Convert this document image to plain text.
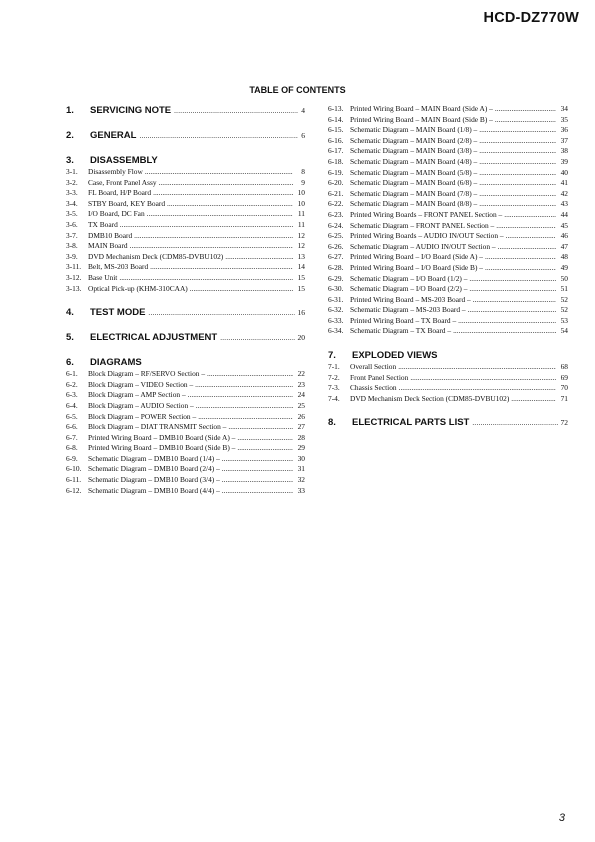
HCD-DZ770W
TABLE OF CONTENTS
1.	SERVICING NOTE .....	4
2.	GENERAL .....	6
3.	DISASSEMBLY
3-1.	Disassembly Flow .....	8
3-2.	Case, Front Panel Assy .....	9
3-3.	FL Board, H/P Board .....	10
3-4.	STBY Board, KEY Board .....	10
3-5.	I/O Board, DC Fan .....	11
3-6.	TX Board .....	11
3-7.	DMB10 Board .....	12
3-8.	MAIN Board .....	12
3-9.	DVD Mechanism Deck (CDM85-DVBU102) .....	13
3-11. Belt, MS-203 Board .....	14
3-12. Base Unit .....	15
3-13. Optical Pick-up (KHM-310CAA) .....	15
4.	TEST MODE .....	16
5.	ELECTRICAL ADJUSTMENT .....	20
6.	DIAGRAMS
6-1.	Block Diagram – RF/SERVO Section – .....	22
6-2.	Block Diagram – VIDEO Section – .....	23
6-3.	Block Diagram – AMP Section – .....	24
6-4.	Block Diagram – AUDIO Section – .....	25
6-5.	Block Diagram – POWER Section – .....	26
6-6.	Block Diagram – DIAT TRANSMIT Section – .....	27
6-7.	Printed Wiring Board – DMB10 Board (Side A) – .....	28
6-8.	Printed Wiring Board – DMB10 Board (Side B) – .....	29
6-9.	Schematic Diagram – DMB10 Board (1/4) – .....	30
6-10. Schematic Diagram – DMB10 Board (2/4) – .....	31
6-11. Schematic Diagram – DMB10 Board (3/4) – .....	32
6-12. Schematic Diagram – DMB10 Board (4/4) – .....	33
6-13. Printed Wiring Board – MAIN Board (Side A) – .....	34
6-14. Printed Wiring Board – MAIN Board (Side B) – .....	35
6-15. Schematic Diagram – MAIN Board (1/8) – .....	36
6-16. Schematic Diagram – MAIN Board (2/8) – .....	37
6-17. Schematic Diagram – MAIN Board (3/8) – .....	38
6-18. Schematic Diagram – MAIN Board (4/8) – .....	39
6-19. Schematic Diagram – MAIN Board (5/8) – .....	40
6-20. Schematic Diagram – MAIN Board (6/8) – .....	41
6-21. Schematic Diagram – MAIN Board (7/8) – .....	42
6-22. Schematic Diagram – MAIN Board (8/8) – .....	43
6-23. Printed Wiring Boards – FRONT PANEL Section – .....	44
6-24. Schematic Diagram – FRONT PANEL Section – .....	45
6-25. Printed Wiring Boards – AUDIO IN/OUT Section – .....	46
6-26. Schematic Diagram – AUDIO IN/OUT Section – .....	47
6-27. Printed Wiring Board – I/O Board (Side A) – .....	48
6-28. Printed Wiring Board – I/O Board (Side B) – .....	49
6-29. Schematic Diagram – I/O Board (1/2) – .....	50
6-30. Schematic Diagram – I/O Board (2/2) – .....	51
6-31. Printed Wiring Board – MS-203 Board – .....	52
6-32. Schematic Diagram – MS-203 Board – .....	52
6-33. Printed Wiring Board – TX Board – .....	53
6-34. Schematic Diagram – TX Board – .....	54
7.	EXPLODED VIEWS
7-1.	Overall Section .....	68
7-2.	Front Panel Section .....	69
7-3.	Chassis Section .....	70
7-4.	DVD Mechanism Deck Section (CDM85-DVBU102) .....	71
8.	ELECTRICAL PARTS LIST .....	72
3
